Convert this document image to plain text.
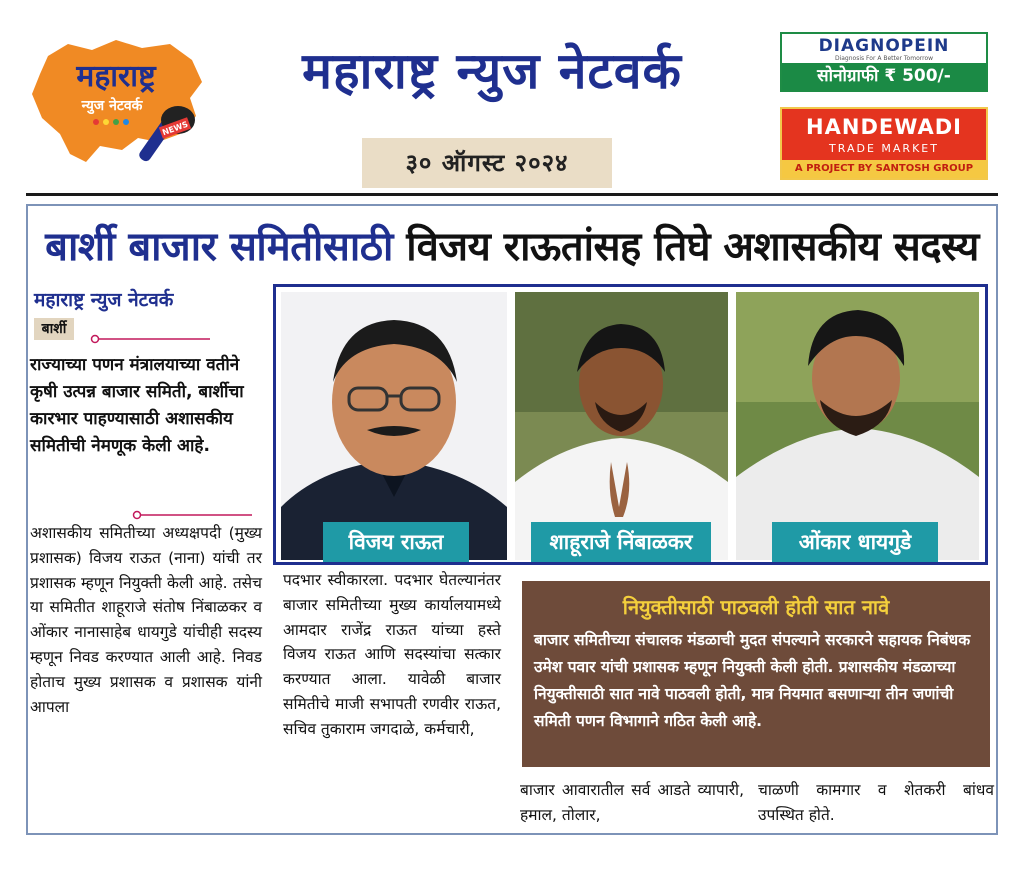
महाराष्ट्र
न्युज नेटवर्क
NEWS
महाराष्ट्र न्युज नेटवर्क
३० ऑगस्ट २०२४
DIAGNOPEIN
Diagnosis For A Better Tomorrow
सोनोग्राफी ₹ 500/-
HANDEWADI
TRADE MARKET
A PROJECT BY SANTOSH GROUP
बार्शी बाजार समितीसाठी विजय राऊतांसह तिघे अशासकीय सदस्य
महाराष्ट्र न्युज नेटवर्क
बार्शी
राज्याच्या पणन मंत्रालयाच्या वतीने कृषी उत्पन्न बाजार समिती, बार्शीचा कारभार पाहण्यासाठी अशासकीय समितीची नेमणूक केली आहे.
अशासकीय समितीच्या अध्यक्षपदी (मुख्य प्रशासक) विजय राऊत (नाना) यांची तर प्रशासक म्हणून नियुक्ती केली आहे. तसेच या समितीत शाहूराजे संतोष निंबाळकर व ओंकार नानासाहेब धायगुडे यांचीही सदस्य म्हणून निवड करण्यात आली आहे. निवड होताच मुख्य प्रशासक व प्रशासक यांनी आपला
पदभार स्वीकारला. पदभार घेतल्यानंतर बाजार समितीच्या मुख्य कार्यालयामध्ये आमदार राजेंद्र राऊत यांच्या हस्ते विजय राऊत आणि सदस्यांचा सत्कार करण्यात आला. यावेळी बाजार समितीचे माजी सभापती रणवीर राऊत, सचिव तुकाराम जगदाळे, कर्मचारी,
बाजार आवारातील सर्व आडते व्यापारी, हमाल, तोलार,
चाळणी कामगार व शेतकरी बांधव उपस्थित होते.
विजय राऊत	शाहूराजे निंबाळकर	ओंकार धायगुडे
नियुक्तीसाठी पाठवली होती सात नावे
बाजार समितीच्या संचालक मंडळाची मुदत संपल्याने सरकारने सहायक निबंधक उमेश पवार यांची प्रशासक म्हणून नियुक्ती केली होती. प्रशासकीय मंडळाच्या नियुक्तीसाठी सात नावे पाठवली होती, मात्र नियमात बसणाऱ्या तीन जणांची समिती पणन विभागाने गठित केली आहे.
